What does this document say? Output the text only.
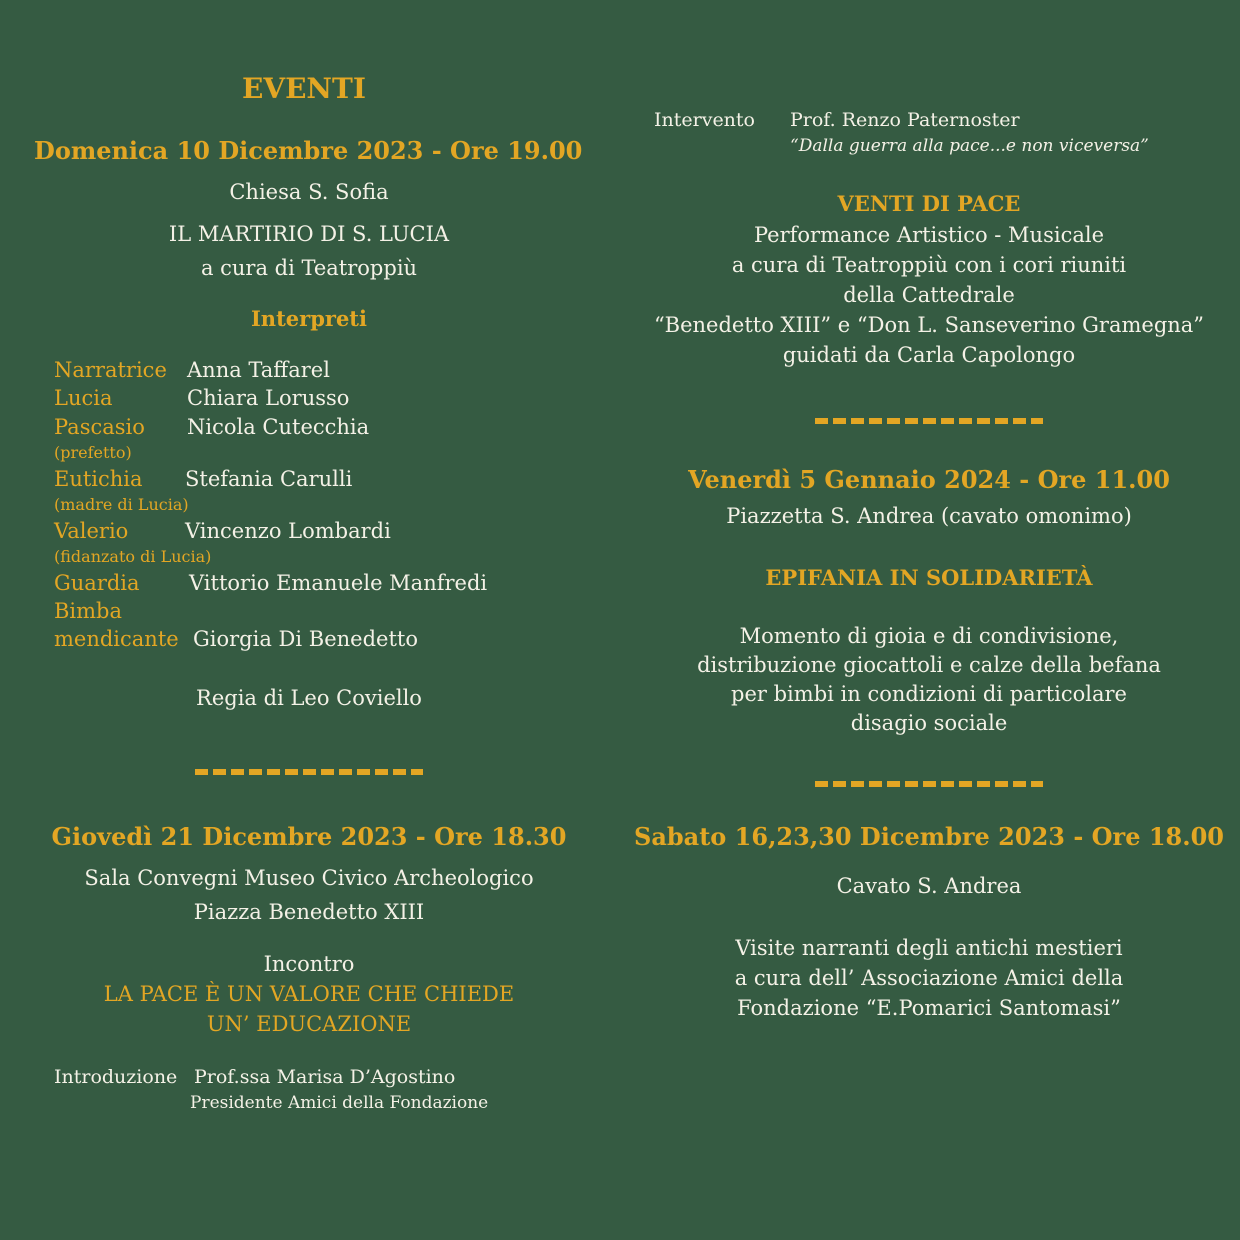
EVENTI
Domenica 10 Dicembre 2023 - Ore 19.00
Chiesa S. Sofia
IL MARTIRIO DI S. LUCIA
a cura di Teatroppiù
Interpreti
Narratrice Anna Taffarel
Lucia	Chiara Lorusso
Pascasio Nicola Cutecchia
(prefetto)
Eutichia Stefania Carulli
(madre di Lucia)
Valerio	Vincenzo Lombardi
(fidanzato di Lucia)
Guardia Vittorio Emanuele Manfredi
Bimba
mendicante Giorgia Di Benedetto
Regia di Leo Coviello
Giovedì 21 Dicembre 2023 - Ore 18.30
Sala Convegni Museo Civico Archeologico
Piazza Benedetto XIII
Incontro
LA PACE È UN VALORE CHE CHIEDE
UN’ EDUCAZIONE
Introduzione Prof.ssa Marisa D’Agostino
Presidente Amici della Fondazione
Intervento Prof. Renzo Paternoster
“Dalla guerra alla pace...e non viceversa”
VENTI DI PACE
Performance Artistico - Musicale
a cura di Teatroppiù con i cori riuniti
della Cattedrale
“Benedetto XIII” e “Don L. Sanseverino Gramegna”
guidati da Carla Capolongo
Venerdì 5 Gennaio 2024 - Ore 11.00
Piazzetta S. Andrea (cavato omonimo)
EPIFANIA IN SOLIDARIETÀ
Momento di gioia e di condivisione,
distribuzione giocattoli e calze della befana
per bimbi in condizioni di particolare
disagio sociale
Sabato 16,23,30 Dicembre 2023 - Ore 18.00
Cavato S. Andrea
Visite narranti degli antichi mestieri
a cura dell’ Associazione Amici della
Fondazione “E.Pomarici Santomasi”
